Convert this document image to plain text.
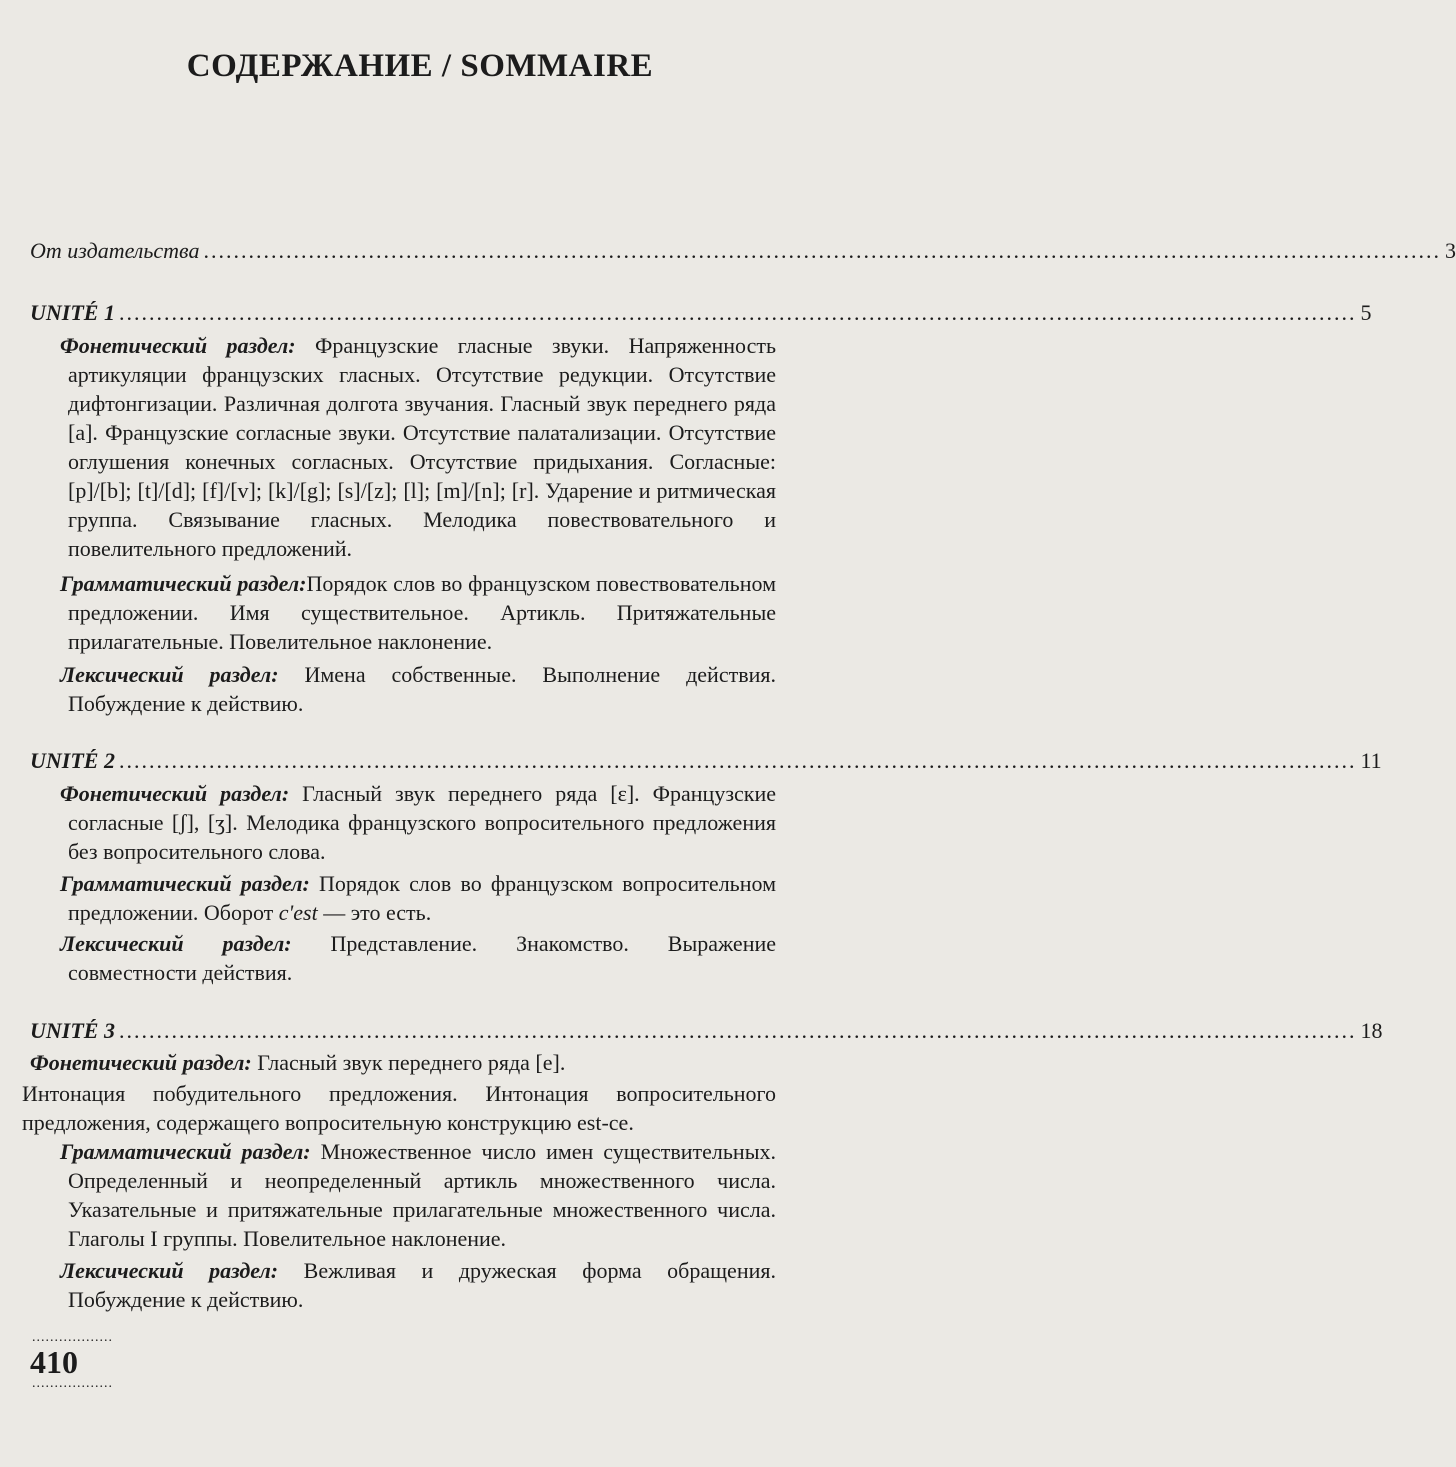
СОДЕРЖАНИЕ / SOMMAIRE
От издательства .....	3
UNITÉ 1 .....	5
Фонетический раздел: Французские гласные звуки. Напряженность артикуляции французских гласных. Отсутствие редукции. Отсутствие дифтонгизации. Различная долгота звучания. Гласный звук переднего ряда [a]. Французские согласные звуки. Отсутствие палатализации. Отсутствие оглушения конечных согласных. Отсутствие придыхания. Согласные: [p]/[b]; [t]/[d]; [f]/[v]; [k]/[g]; [s]/[z]; [l]; [m]/[n]; [r]. Ударение и ритмическая группа. Связывание гласных. Мелодика повествовательного и повелительного предложений.
Грамматический раздел:Порядок слов во французском повествовательном предложении. Имя существительное. Артикль. Притяжательные прилагательные. Повелительное наклонение.
Лексический раздел: Имена собственные. Выполнение действия. Побуждение к действию.
UNITÉ 2 .....	11
Фонетический раздел: Гласный звук переднего ряда [ɛ]. Французские согласные [ʃ], [ʒ]. Мелодика французского вопросительного предложения без вопросительного слова.
Грамматический раздел: Порядок слов во французском вопросительном предложении. Оборот c'est — это есть.
Лексический раздел: Представление. Знакомство. Выражение совместности действия.
UNITÉ 3 .....	18
Фонетический раздел: Гласный звук переднего ряда [e].
Интонация побудительного предложения. Интонация вопросительного предложения, содержащего вопросительную конструкцию est-ce.
Грамматический раздел: Множественное число имен существительных. Определенный и неопределенный артикль множественного числа. Указательные и притяжательные прилагательные множественного числа. Глаголы I группы. Повелительное наклонение.
Лексический раздел: Вежливая и дружеская форма обращения. Побуждение к действию.
..................
410
..................
